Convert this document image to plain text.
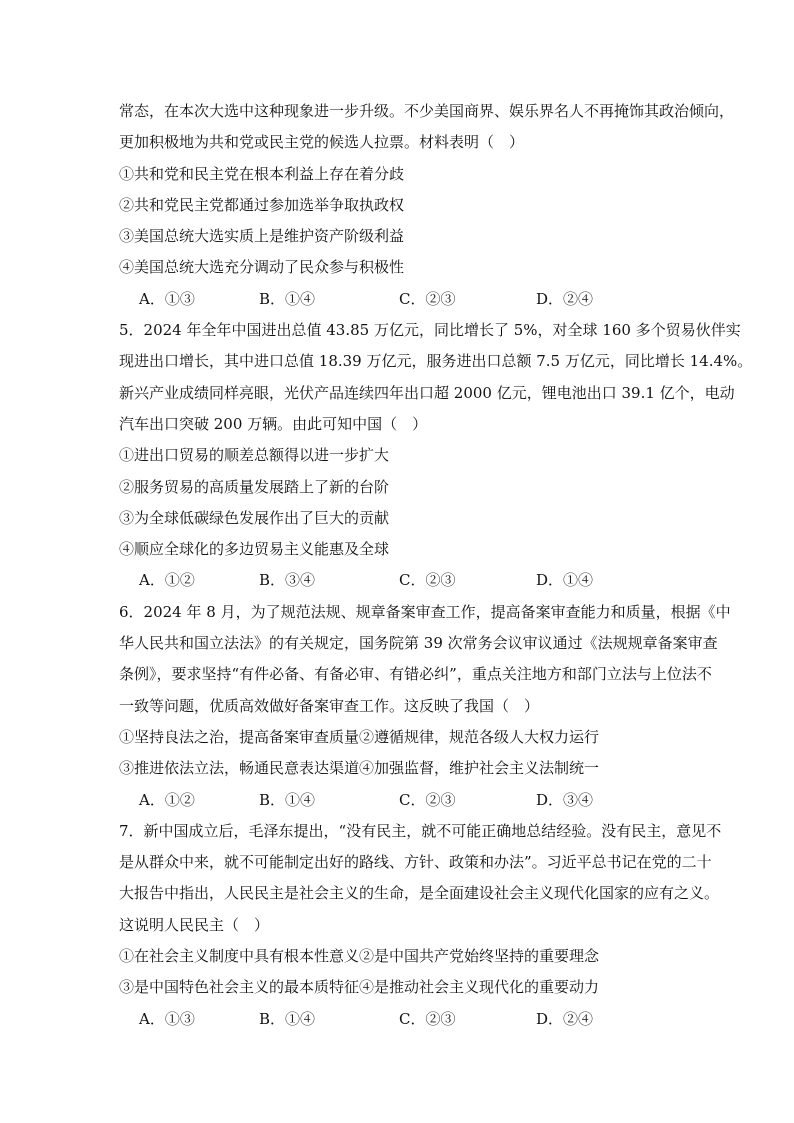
常态，在本次大选中这种现象进一步升级。不少美国商界、娱乐界名人不再掩饰其政治倾向，
更加积极地为共和党或民主党的候选人拉票。材料表明（　）
①共和党和民主党在根本利益上存在着分歧
②共和党民主党都通过参加选举争取执政权
③美国总统大选实质上是维护资产阶级利益
④美国总统大选充分调动了民众参与积极性
A．①③	B．①④	C．②③	D．②④
5．2024 年全年中国进出总值 43.85 万亿元，同比增长了 5%，对全球 160 多个贸易伙伴实
现进出口增长，其中进口总值 18.39 万亿元，服务进出口总额 7.5 万亿元，同比增长 14.4%。
新兴产业成绩同样亮眼，光伏产品连续四年出口超 2000 亿元，锂电池出口 39.1 亿个，电动
汽车出口突破 200 万辆。由此可知中国（　）
①进出口贸易的顺差总额得以进一步扩大
②服务贸易的高质量发展踏上了新的台阶
③为全球低碳绿色发展作出了巨大的贡献
④顺应全球化的多边贸易主义能惠及全球
A．①②	B．③④	C．②③	D．①④
6．2024 年 8 月，为了规范法规、规章备案审查工作，提高备案审查能力和质量，根据《中
华人民共和国立法法》的有关规定，国务院第 39 次常务会议审议通过《法规规章备案审查
条例》，要求坚持“有件必备、有备必审、有错必纠”，重点关注地方和部门立法与上位法不
一致等问题，优质高效做好备案审查工作。这反映了我国（　）
①坚持良法之治，提高备案审查质量②遵循规律，规范各级人大权力运行
③推进依法立法，畅通民意表达渠道④加强监督，维护社会主义法制统一
A．①②	B．①④	C．②③	D．③④
7．新中国成立后，毛泽东提出，“没有民主，就不可能正确地总结经验。没有民主，意见不
是从群众中来，就不可能制定出好的路线、方针、政策和办法”。习近平总书记在党的二十
大报告中指出，人民民主是社会主义的生命，是全面建设社会主义现代化国家的应有之义。
这说明人民民主（　）
①在社会主义制度中具有根本性意义②是中国共产党始终坚持的重要理念
③是中国特色社会主义的最本质特征④是推动社会主义现代化的重要动力
A．①③	B．①④	C．②③	D．②④
